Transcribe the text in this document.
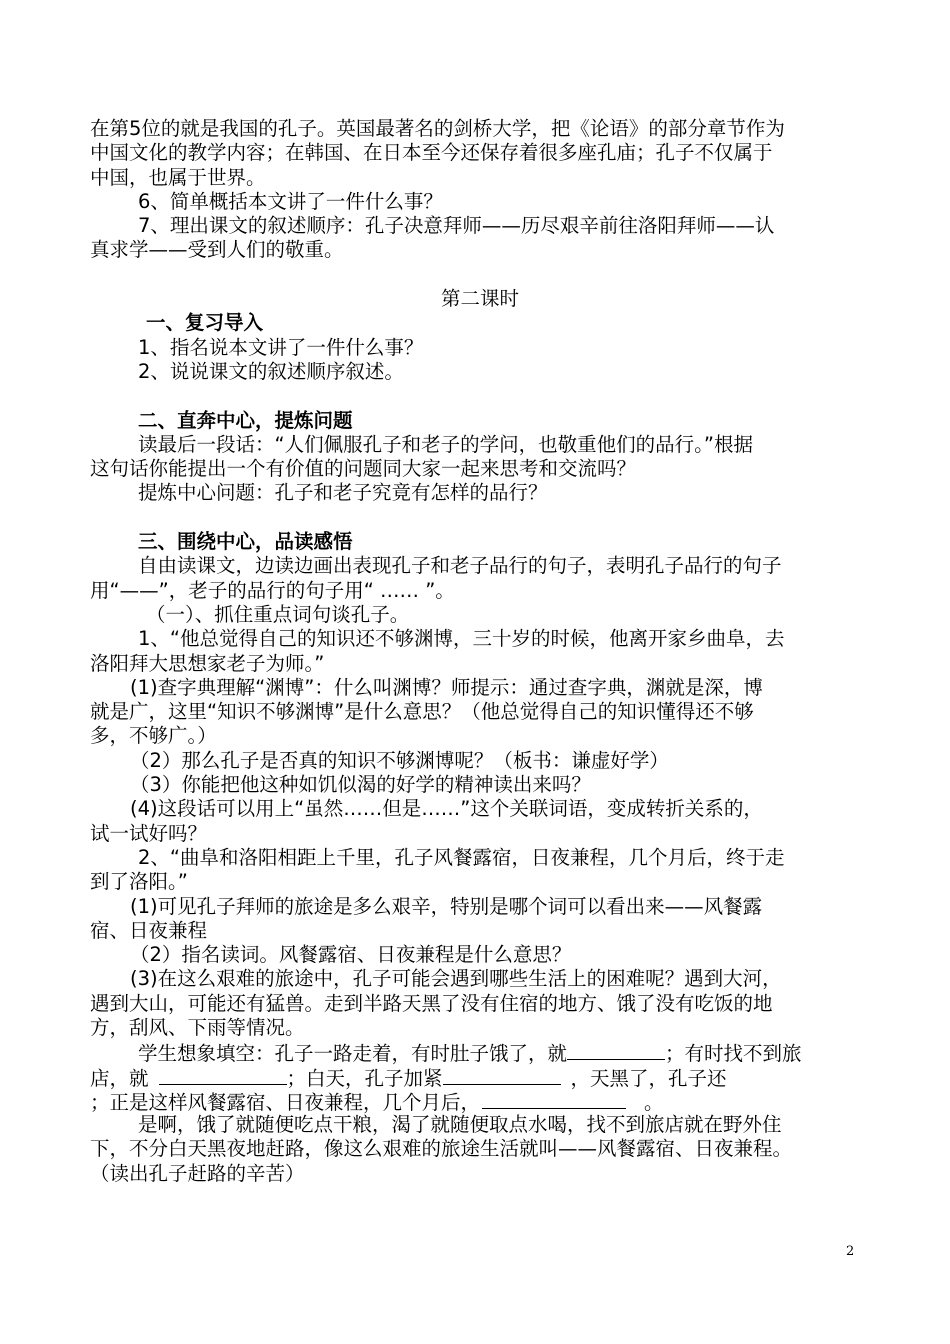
在第5位的就是我国的孔子。英国最著名的剑桥大学，把《论语》的部分章节作为
中国文化的教学内容；在韩国、在日本至今还保存着很多座孔庙；孔子不仅属于
中国，也属于世界。
6、简单概括本文讲了一件什么事？
7、理出课文的叙述顺序：孔子决意拜师——历尽艰辛前往洛阳拜师——认
真求学——受到人们的敬重。
第二课时
一、复习导入
1、指名说本文讲了一件什么事？
2、说说课文的叙述顺序叙述。
二、直奔中心，提炼问题
读最后一段话：“人们佩服孔子和老子的学问，也敬重他们的品行。”根据
这句话你能提出一个有价值的问题同大家一起来思考和交流吗？
提炼中心问题：孔子和老子究竟有怎样的品行？
三、围绕中心，品读感悟
自由读课文，边读边画出表现孔子和老子品行的句子，表明孔子品行的句子
用“——”，老子的品行的句子用“ …… ”。
（一）、抓住重点词句谈孔子。
1、“他总觉得自己的知识还不够渊博，三十岁的时候，他离开家乡曲阜，去
洛阳拜大思想家老子为师。”
(1)查字典理解“渊博”：什么叫渊博？师提示：通过查字典，渊就是深，博
就是广，这里“知识不够渊博”是什么意思？（他总觉得自己的知识懂得还不够
多，不够广。）
（2）那么孔子是否真的知识不够渊博呢？（板书：谦虚好学）
（3）你能把他这种如饥似渴的好学的精神读出来吗？
(4)这段话可以用上“虽然……但是……”这个关联词语，变成转折关系的，
试一试好吗？
2、“曲阜和洛阳相距上千里，孔子风餐露宿，日夜兼程，几个月后，终于走
到了洛阳。”
(1)可见孔子拜师的旅途是多么艰辛，特别是哪个词可以看出来——风餐露
宿、日夜兼程
（2）指名读词。风餐露宿、日夜兼程是什么意思？
(3)在这么艰难的旅途中，孔子可能会遇到哪些生活上的困难呢？遇到大河，
遇到大山，可能还有猛兽。走到半路天黑了没有住宿的地方、饿了没有吃饭的地
方，刮风、下雨等情况。
学生想象填空：孔子一路走着，有时肚子饿了，就	；有时找不到旅
店，就	；白天，孔子加紧	，天黑了，孔子还
；正是这样风餐露宿、日夜兼程，几个月后，	。
是啊，饿了就随便吃点干粮，渴了就随便取点水喝，找不到旅店就在野外住
下，不分白天黑夜地赶路，像这么艰难的旅途生活就叫——风餐露宿、日夜兼程。
（读出孔子赶路的辛苦）
2
